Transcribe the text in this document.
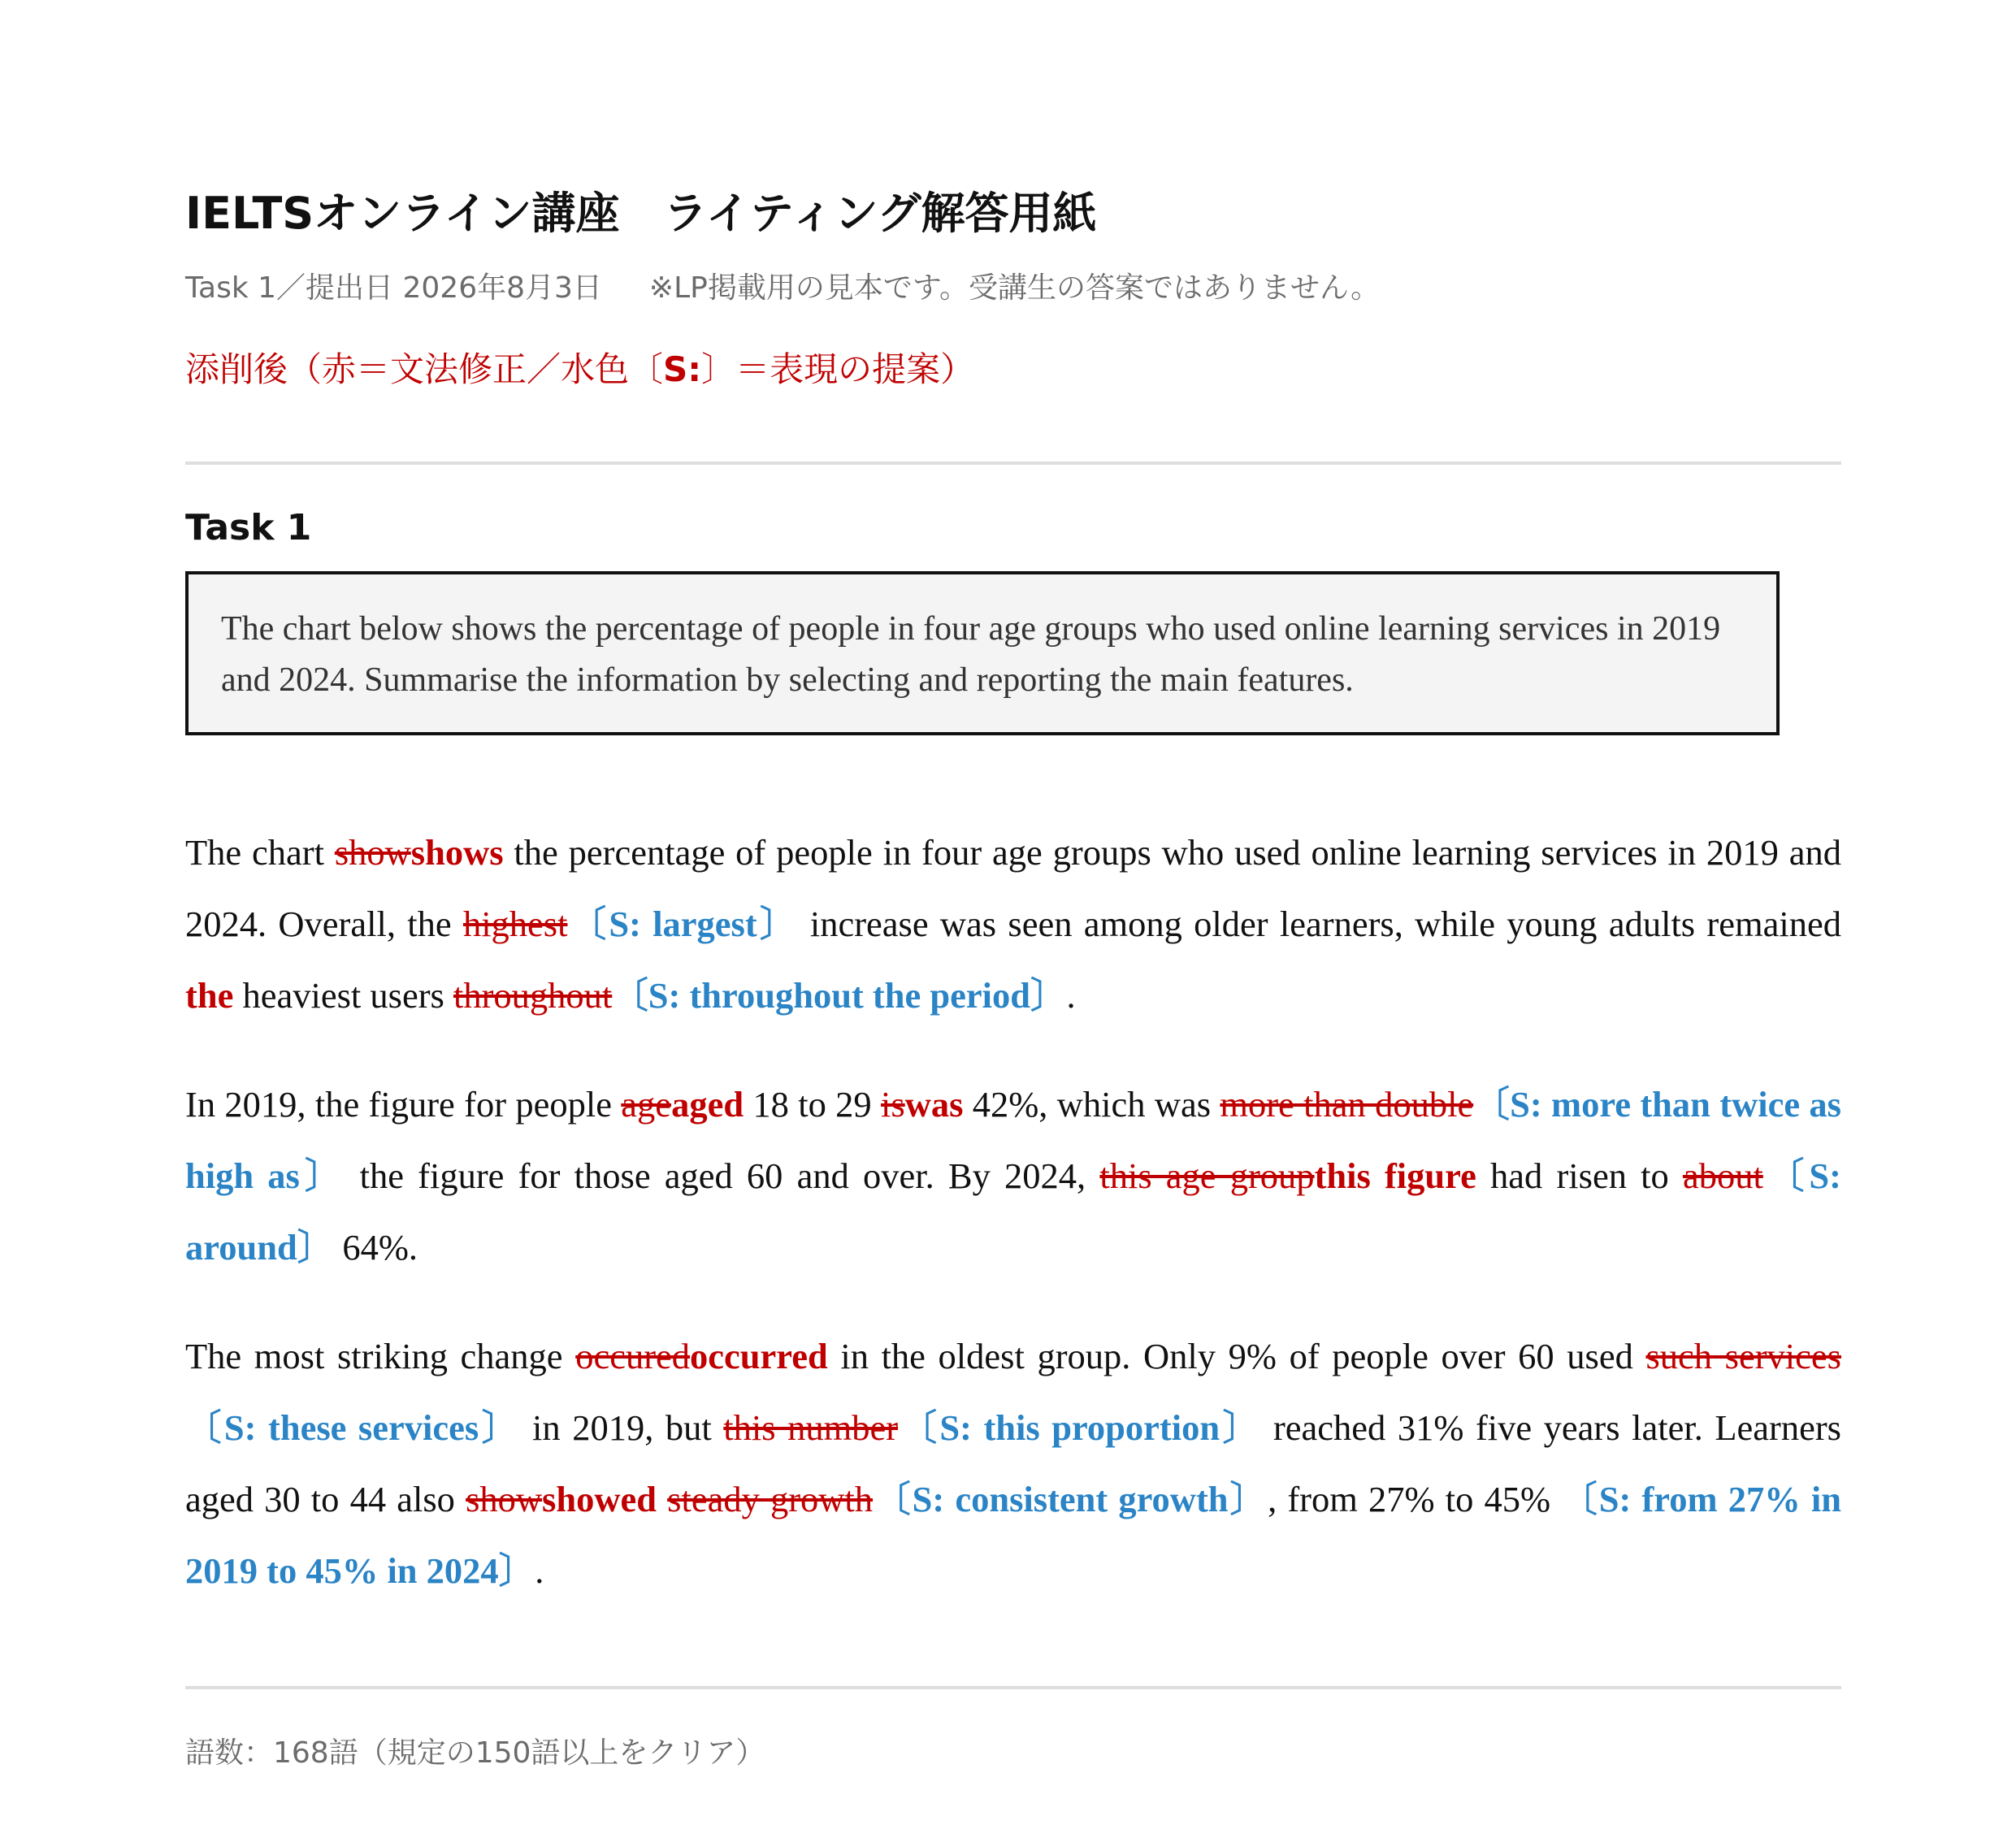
IELTSオンライン講座　ライティング解答用紙
Task 1／提出日 2026年8月3日 ※LP掲載用の見本です。受講生の答案ではありません。
添削後（赤＝文法修正／水色〔S:〕＝表現の提案）
Task 1
The chart below shows the percentage of people in four age groups who used online learning services in 2019 and 2024. Summarise the information by selecting and reporting the main features.

The chart showshows the percentage of people in four age groups who used online learning services in 2019 and 2024. Overall, the highest〔S: largest〕 increase was seen among older learners, while young adults remained the heaviest users throughout〔S: throughout the period〕.

In 2019, the figure for people ageaged 18 to 29 iswas 42%, which was more than double〔S: more than twice as high as〕 the figure for those aged 60 and over. By 2024, this age groupthis figure had risen to about〔S: around〕 64%.

The most striking change occuredoccurred in the oldest group. Only 9% of people over 60 used such services〔S: these services〕 in 2019, but this number〔S: this proportion〕 reached 31% five years later. Learners aged 30 to 44 also showshowed steady growth〔S: consistent growth〕, from 27% to 45% 〔S: from 27% in 2019 to 45% in 2024〕.

語数：168語（規定の150語以上をクリア）
